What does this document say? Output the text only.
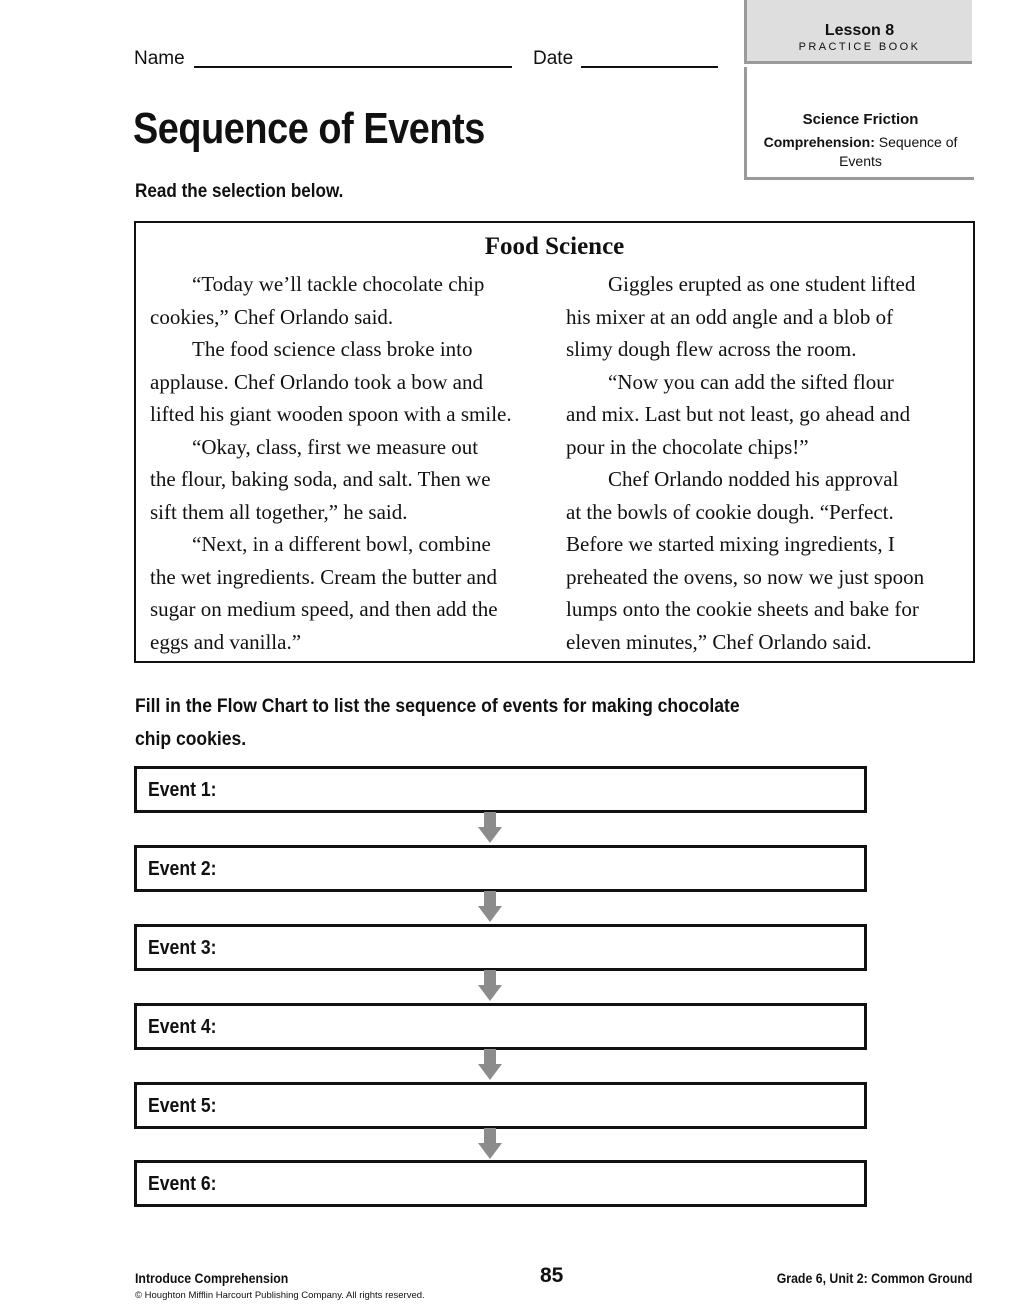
Lesson 8
PRACTICE BOOK
Science Friction
Comprehension: Sequence of
Events
Name	Date
Sequence of Events
Read the selection below.
Food Science
“Today we’ll tackle chocolate chip
cookies,” Chef Orlando said.
The food science class broke into
applause. Chef Orlando took a bow and
lifted his giant wooden spoon with a smile.
“Okay, class, first we measure out
the flour, baking soda, and salt. Then we
sift them all together,” he said.
“Next, in a different bowl, combine
the wet ingredients. Cream the butter and
sugar on medium speed, and then add the
eggs and vanilla.”
Giggles erupted as one student lifted
his mixer at an odd angle and a blob of
slimy dough flew across the room.
“Now you can add the sifted flour
and mix. Last but not least, go ahead and
pour in the chocolate chips!”
Chef Orlando nodded his approval
at the bowls of cookie dough. “Perfect.
Before we started mixing ingredients, I
preheated the ovens, so now we just spoon
lumps onto the cookie sheets and bake for
eleven minutes,” Chef Orlando said.
Fill in the Flow Chart to list the sequence of events for making chocolate
chip cookies.
Event 1:
Event 2:
Event 3:
Event 4:
Event 5:
Event 6:
Introduce Comprehension
© Houghton Mifflin Harcourt Publishing Company. All rights reserved.
85	Grade 6, Unit 2: Common Ground
